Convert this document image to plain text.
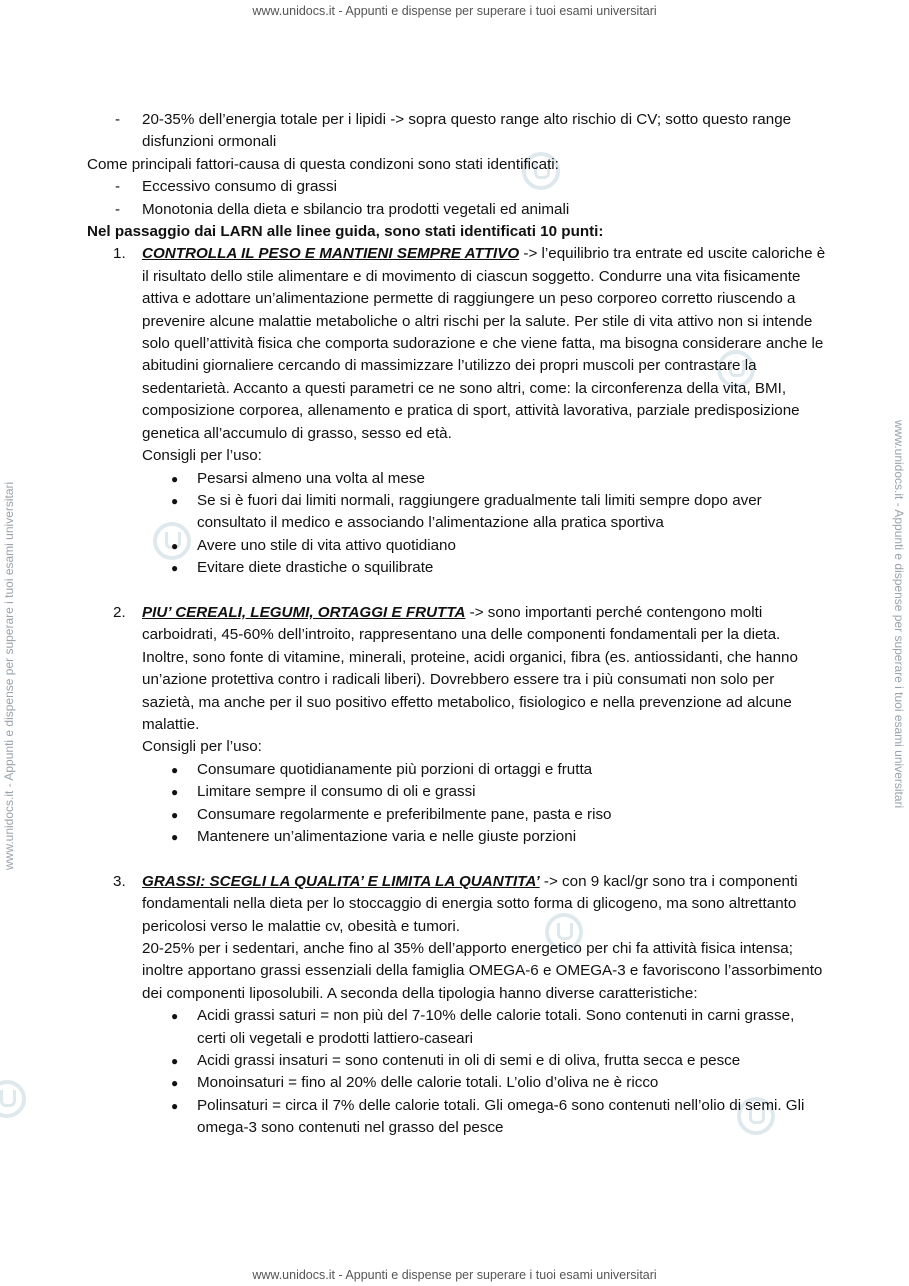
www.unidocs.it - Appunti e dispense per superare i tuoi esami universitari
www.unidocs.it - Appunti e dispense per superare i tuoi esami universitari
www.unidocs.it - Appunti e dispense per superare i tuoi esami universitari	www.unidocs.it - Appunti e dispense per superare i tuoi esami universitari
- 20-35% dell’energia totale per i lipidi -> sopra questo range alto rischio di CV; sotto questo range disfunzioni ormonali
Come principali fattori-causa di questa condizoni sono stati identificati:
- Eccessivo consumo di grassi
- Monotonia della dieta e sbilancio tra prodotti vegetali ed animali
Nel passaggio dai LARN alle linee guida, sono stati identificati 10 punti:
1. CONTROLLA IL PESO E MANTIENI SEMPRE ATTIVO -> l’equilibrio tra entrate ed uscite caloriche è il risultato dello stile alimentare e di movimento di ciascun soggetto. Condurre una vita fisicamente attiva e adottare un’alimentazione permette di raggiungere un peso corporeo corretto riuscendo a prevenire alcune malattie metaboliche o altri rischi per la salute. Per stile di vita attivo non si intende solo quell’attività fisica che comporta sudorazione e che viene fatta, ma bisogna considerare anche le abitudini giornaliere cercando di massimizzare l’utilizzo dei propri muscoli per contrastare la sedentarietà. Accanto a questi parametri ce ne sono altri, come: la circonferenza della vita, BMI, composizione corporea, allenamento e pratica di sport, attività lavorativa, parziale predisposizione genetica all’accumulo di grasso, sesso ed età.
Consigli per l’uso:
● Pesarsi almeno una volta al mese
● Se si è fuori dai limiti normali, raggiungere gradualmente tali limiti sempre dopo aver consultato il medico e associando l’alimentazione alla pratica sportiva
● Avere uno stile di vita attivo quotidiano
● Evitare diete drastiche o squilibrate
2. PIU’ CEREALI, LEGUMI, ORTAGGI E FRUTTA -> sono importanti perché contengono molti carboidrati, 45-60% dell’introito, rappresentano una delle componenti fondamentali per la dieta. Inoltre, sono fonte di vitamine, minerali, proteine, acidi organici, fibra (es. antiossidanti, che hanno un’azione protettiva contro i radicali liberi). Dovrebbero essere tra i più consumati non solo per sazietà, ma anche per il suo positivo effetto metabolico, fisiologico e nella prevenzione ad alcune malattie.
Consigli per l’uso:
● Consumare quotidianamente più porzioni di ortaggi e frutta
● Limitare sempre il consumo di oli e grassi
● Consumare regolarmente e preferibilmente pane, pasta e riso
● Mantenere un’alimentazione varia e nelle giuste porzioni
3. GRASSI: SCEGLI LA QUALITA’ E LIMITA LA QUANTITA’ -> con 9 kacl/gr sono tra i componenti fondamentali nella dieta per lo stoccaggio di energia sotto forma di glicogeno, ma sono altrettanto pericolosi verso le malattie cv, obesità e tumori.
20-25% per i sedentari, anche fino al 35% dell’apporto energetico per chi fa attività fisica intensa; inoltre apportano grassi essenziali della famiglia OMEGA-6 e OMEGA-3 e favoriscono l’assorbimento dei componenti liposolubili. A seconda della tipologia hanno diverse caratteristiche:
● Acidi grassi saturi = non più del 7-10% delle calorie totali. Sono contenuti in carni grasse, certi oli vegetali e prodotti lattiero-caseari
● Acidi grassi insaturi = sono contenuti in oli di semi e di oliva, frutta secca e pesce
● Monoinsaturi = fino al 20% delle calorie totali. L’olio d’oliva ne è ricco
● Polinsaturi = circa il 7% delle calorie totali. Gli omega-6 sono contenuti nell’olio di semi. Gli omega-3 sono contenuti nel grasso del pesce
